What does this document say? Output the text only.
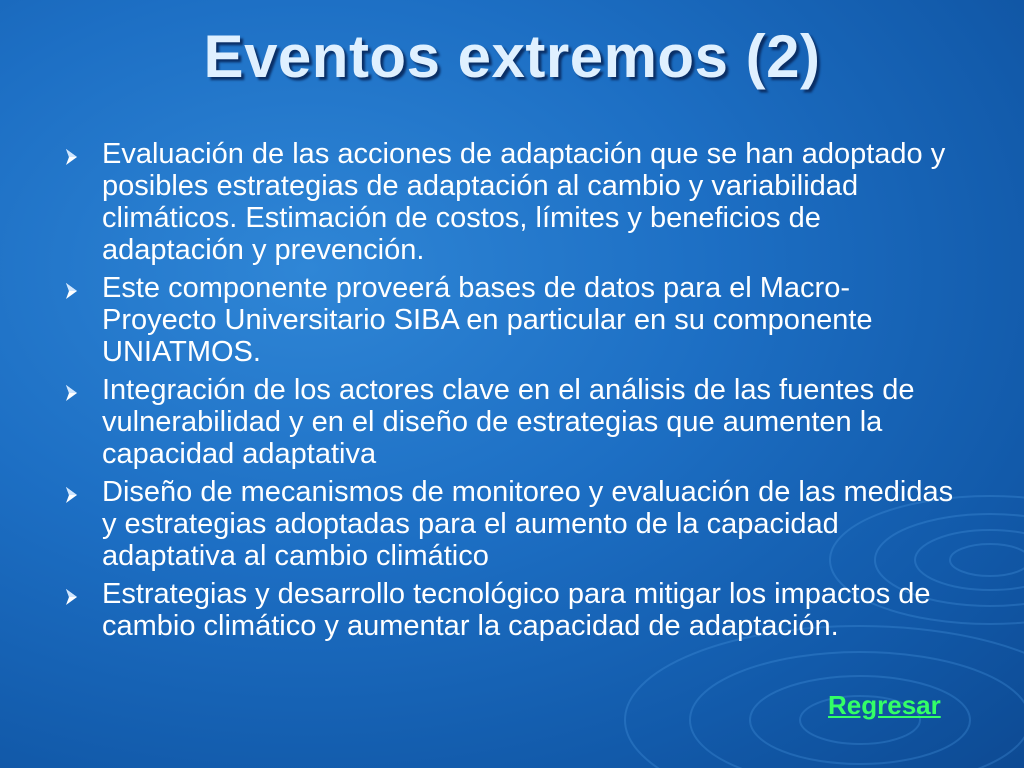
Eventos extremos (2)
Evaluación de las acciones de adaptación que se han adoptado y posibles estrategias de adaptación al cambio y variabilidad climáticos. Estimación de costos, límites y beneficios de adaptación y prevención.
Este componente proveerá bases de datos para el Macro-Proyecto Universitario SIBA en particular en su componente UNIATMOS.
Integración de los actores clave en el análisis de las fuentes de vulnerabilidad y en el diseño de estrategias que aumenten la capacidad adaptativa
Diseño de mecanismos de monitoreo y evaluación de las medidas y estrategias adoptadas para el aumento de la capacidad adaptativa al cambio climático
Estrategias y desarrollo tecnológico para mitigar los impactos de cambio climático y aumentar la capacidad de adaptación.
Regresar
